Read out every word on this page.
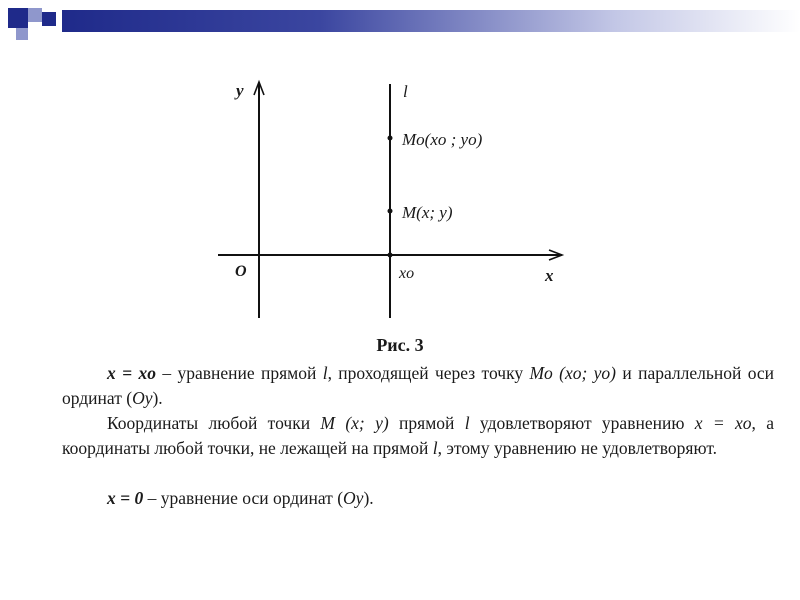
y
x
O
l
Mo(xo ; yo)
M(x; y)
xo
Рис. 3

x = xo – уравнение прямой l, проходящей через точку Mo (xo; yo) и параллельной оси ординат (Oy).

Координаты любой точки M (x; y) прямой l удовлетворяют уравнению x = xo, а координаты любой точки, не лежащей на прямой l, этому уравнению не удовлетворяют.

x = 0 – уравнение оси ординат (Oy).
